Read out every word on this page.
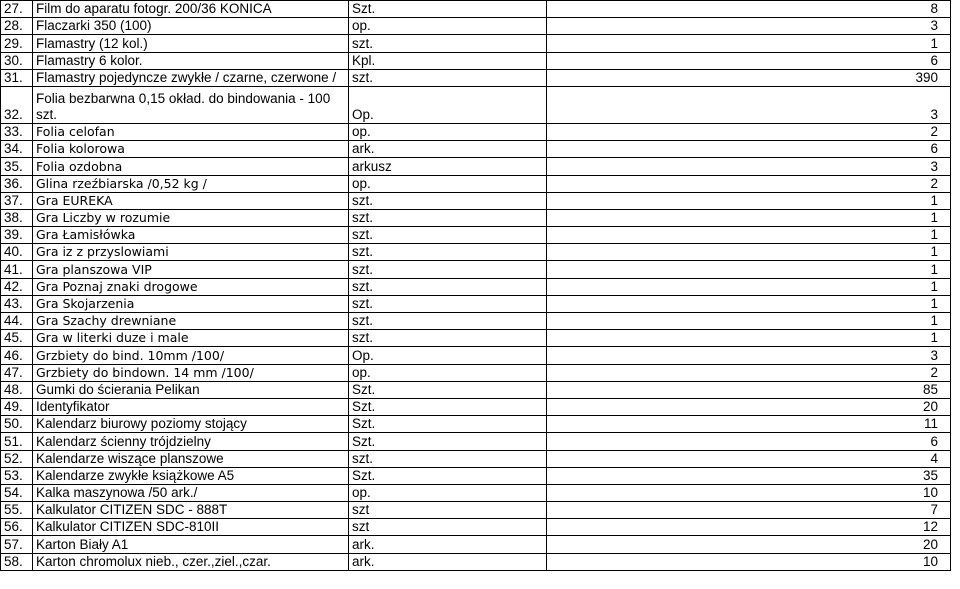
27.	Film do aparatu fotogr. 200/36 KONICA	Szt.	8
28.	Flaczarki 350 (100)	op.	3
29.	Flamastry (12 kol.)	szt.	1
30.	Flamastry 6 kolor.	Kpl.	6
31.	Flamastry pojedyncze zwykłe / czarne, czerwone /	szt.	390
32.	Folia bezbarwna 0,15 okład. do bindowania - 100 szt.	Op.	3
33.	Folia celofan	op.	2
34.	Folia kolorowa	ark.	6
35.	Folia ozdobna	arkusz	3
36.	Glina rzeźbiarska /0,52 kg /	op.	2
37.	Gra EUREKA	szt.	1
38.	Gra Liczby w rozumie	szt.	1
39.	Gra Łamisłówka	szt.	1
40.	Gra iz z przyslowiami	szt.	1
41.	Gra planszowa VIP	szt.	1
42.	Gra Poznaj znaki drogowe	szt.	1
43.	Gra Skojarzenia	szt.	1
44.	Gra Szachy drewniane	szt.	1
45.	Gra w literki duze i male	szt.	1
46.	Grzbiety do bind. 10mm /100/	Op.	3
47.	Grzbiety do bindown. 14 mm /100/	op.	2
48.	Gumki do ścierania Pelikan	Szt.	85
49.	Identyfikator	Szt.	20
50.	Kalendarz biurowy poziomy stojący	Szt.	11
51.	Kalendarz ścienny trójdzielny	Szt.	6
52.	Kalendarze wiszące planszowe	szt.	4
53.	Kalendarze zwykłe książkowe A5	Szt.	35
54.	Kalka maszynowa /50 ark./	op.	10
55.	Kalkulator CITIZEN SDC - 888T	szt	7
56.	Kalkulator CITIZEN SDC-810II	szt	12
57.	Karton Biały A1	ark.	20
58.	Karton chromolux nieb., czer.,ziel.,czar.	ark.	10
